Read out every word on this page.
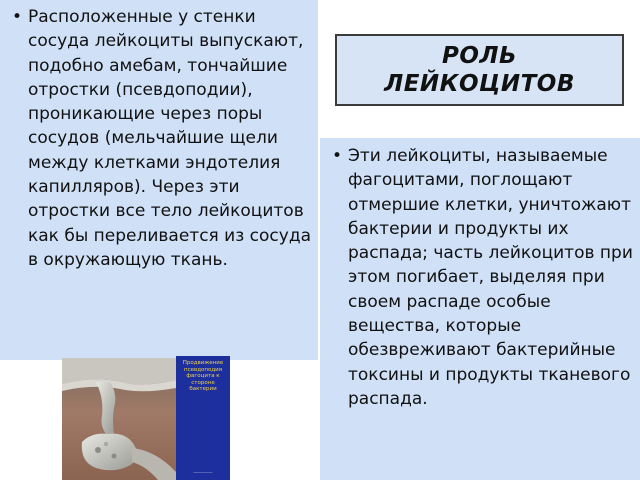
• Расположенные у стенки сосуда лейкоциты выпускают, подобно амебам, тончайшие отростки (псевдоподии), проникающие через поры сосудов (мельчайшие щели между клетками эндотелия капилляров). Через эти отростки все тело лейкоцитов как бы переливается из сосуда в окружающую ткань.

РОЛЬ
ЛЕЙКОЦИТОВ

• Эти лейкоциты, называемые фагоцитами, поглощают отмершие клетки, уничтожают бактерии и продукты их распада; часть лейкоцитов при этом погибает, выделяя при своем распаде особые вещества, которые обезвреживают бактерийные токсины и продукты тканевого распада.

Продвижение
псевдоподия
фагоцита к
стороне
бактерии
─────────
